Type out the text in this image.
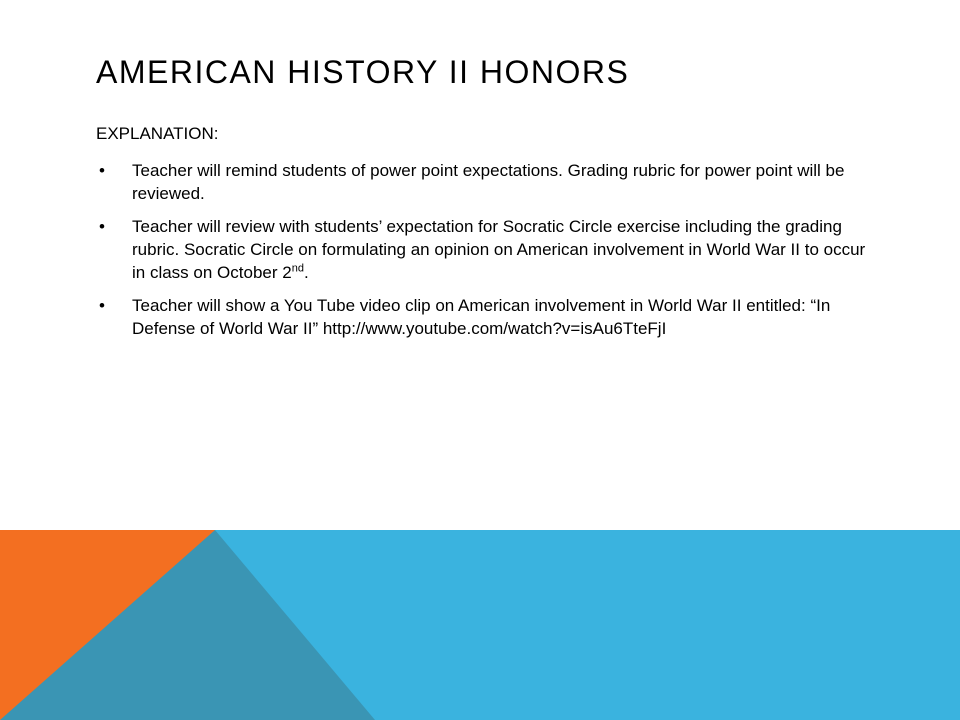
AMERICAN HISTORY II HONORS

EXPLANATION:

• Teacher will remind students of power point expectations. Grading rubric for power point will be reviewed.
• Teacher will review with students’ expectation for Socratic Circle exercise including the grading rubric. Socratic Circle on formulating an opinion on American involvement in World War II to occur in class on October 2nd.
• Teacher will show a You Tube video clip on American involvement in World War II entitled: “In Defense of World War II” http://www.youtube.com/watch?v=isAu6TteFjI
